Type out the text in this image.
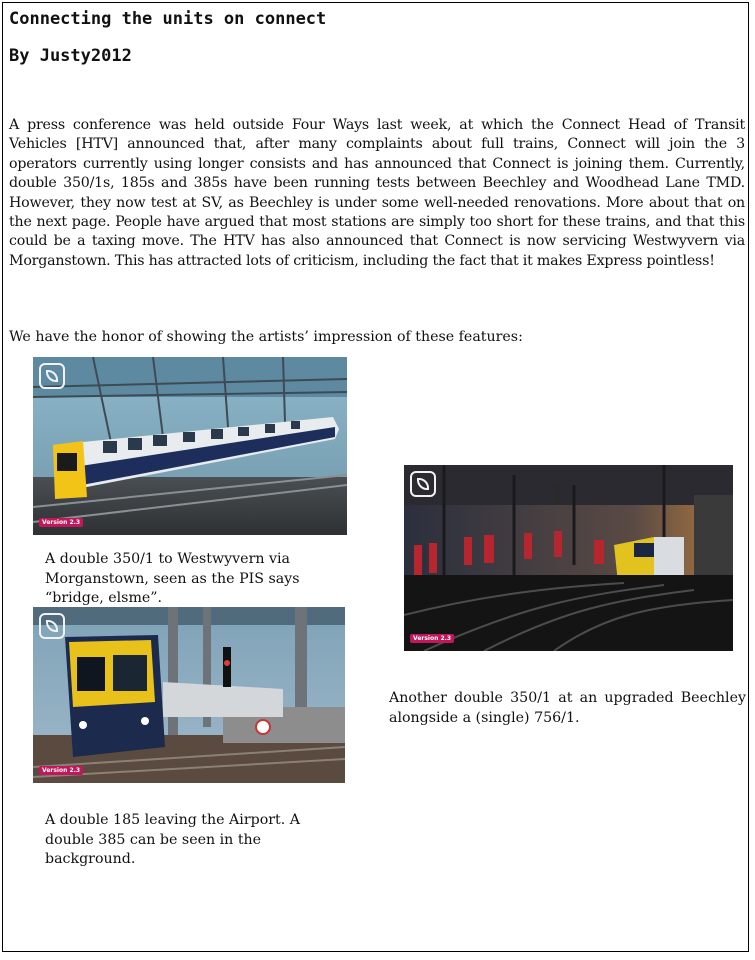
Connecting the units on connect
By Justy2012
A press conference was held outside Four Ways last week, at which the Connect Head of Transit Vehicles [HTV] announced that, after many complaints about full trains, Connect will join the 3 operators currently using longer consists and has announced that Connect is joining them. Currently, double 350/1s, 185s and 385s have been running tests between Beechley and Woodhead Lane TMD. However, they now test at SV, as Beechley is under some well-needed renovations. More about that on the next page. People have argued that most stations are simply too short for these trains, and that this could be a taxing move. The HTV has also announced that Connect is now servicing Westwyvern via Morganstown. This has attracted lots of criticism, including the fact that it makes Express pointless!
We have the honor of showing the artists’ impression of these features:
Version 2.3
A double 350/1 to Westwyvern via Morganstown, seen as the PIS says “bridge, elsme”.
Version 2.3
Another double 350/1 at an upgraded Beechley alongside a (single) 756/1.
Version 2.3
A double 185 leaving the Airport. A double 385 can be seen in the background.
